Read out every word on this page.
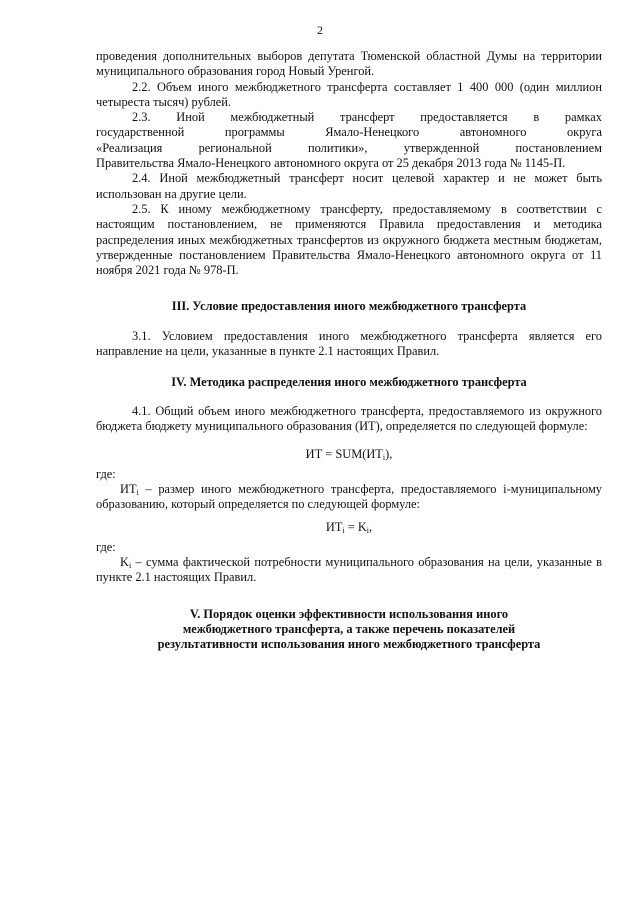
2

проведения дополнительных выборов депутата Тюменской областной Думы на территории муниципального образования город Новый Уренгой.

2.2. Объем иного межбюджетного трансферта составляет 1 400 000 (один миллион четыреста тысяч) рублей.

2.3. Иной межбюджетный трансферт предоставляется в рамках

государственной программы Ямало-Ненецкого автономного округа

«Реализация региональной политики», утвержденной постановлением

Правительства Ямало-Ненецкого автономного округа от 25 декабря 2013 года № 1145-П.

2.4. Иной межбюджетный трансферт носит целевой характер и не может быть использован на другие цели.

2.5. К иному межбюджетному трансферту, предоставляемому в соответствии с настоящим постановлением, не применяются Правила предоставления и методика распределения иных межбюджетных трансфертов из окружного бюджета местным бюджетам, утвержденные постановлением Правительства Ямало-Ненецкого автономного округа от 11 ноября 2021 года № 978-П.

III. Условие предоставления иного межбюджетного трансферта

3.1. Условием предоставления иного межбюджетного трансферта является его направление на цели, указанные в пункте 2.1 настоящих Правил.

IV. Методика распределения иного межбюджетного трансферта

4.1. Общий объем иного межбюджетного трансферта, предоставляемого из окружного бюджета бюджету муниципального образования (ИТ), определяется по следующей формуле:

ИТ = $SUM(ИТ_i)$,

где:

$ИТ_i$ – размер иного межбюджетного трансферта, предоставляемого i-муниципальному образованию, который определяется по следующей формуле:

$ИТ_i = K_i$,

где:

$K_i$ – сумма фактической потребности муниципального образования на цели, указанные в пункте 2.1 настоящих Правил.

V. Порядок оценки эффективности использования иного межбюджетного трансферта, а также перечень показателей результативности использования иного межбюджетного трансферта
